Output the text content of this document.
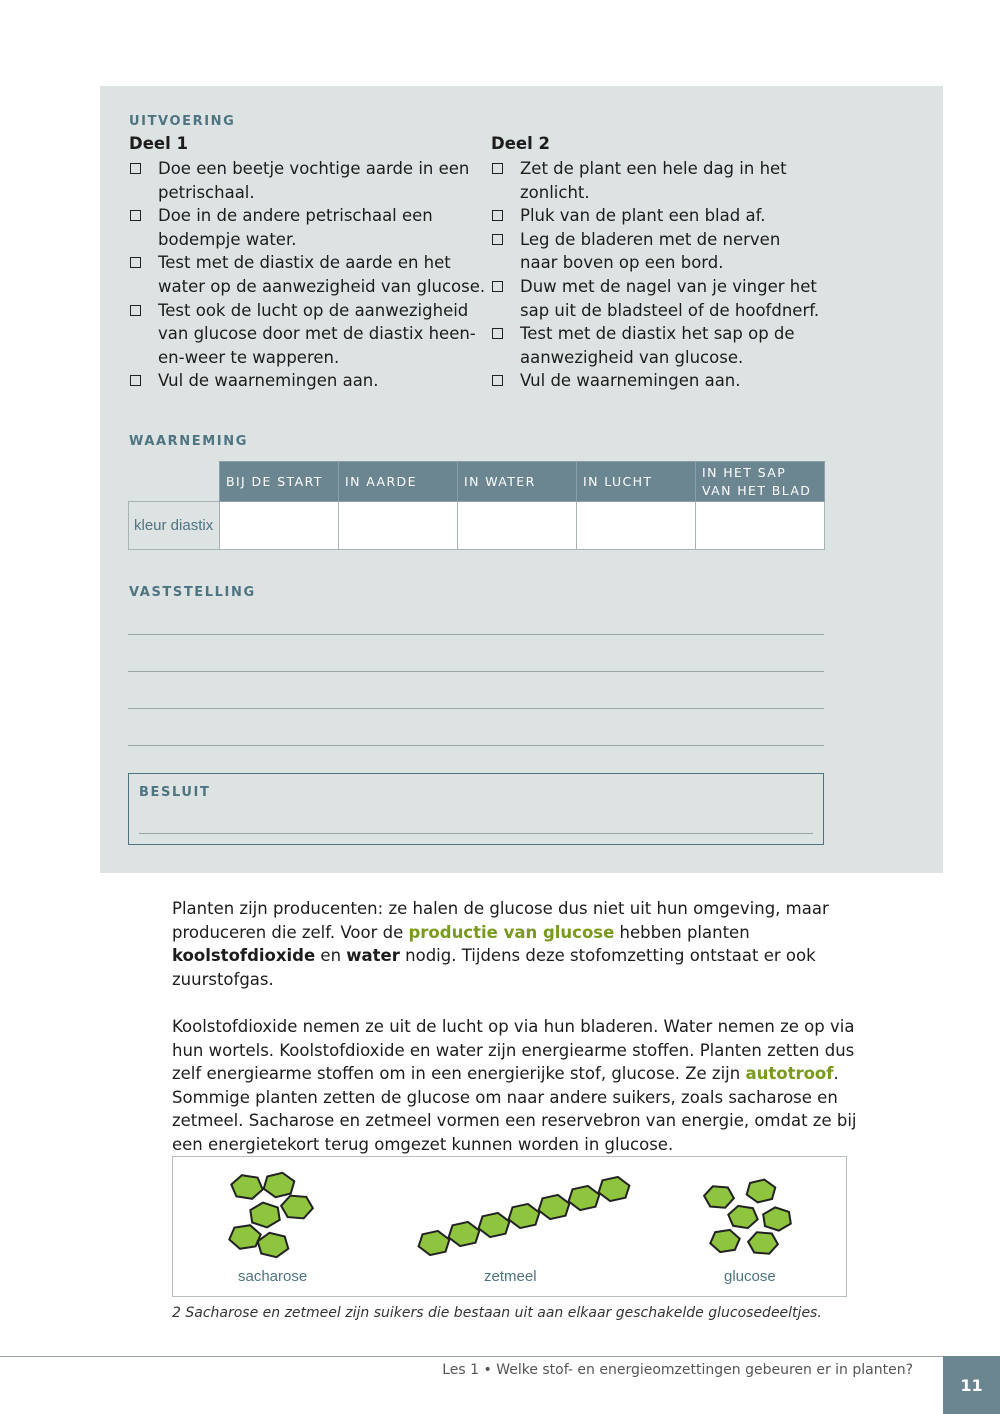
UITVOERING
Deel 1
Doe een beetje vochtige aarde in een petrischaal.
Doe in de andere petrischaal een bodempje water.
Test met de diastix de aarde en het water op de aanwezigheid van glucose.
Test ook de lucht op de aanwezigheid van glucose door met de diastix heen-en-weer te wapperen.
Vul de waarnemingen aan.
Deel 2
Zet de plant een hele dag in het zonlicht.
Pluk van de plant een blad af.
Leg de bladeren met de nerven naar boven op een bord.
Duw met de nagel van je vinger het sap uit de bladsteel of de hoofdnerf.
Test met de diastix het sap op de aanwezigheid van glucose.
Vul de waarnemingen aan.
WAARNEMING
	BIJ DE START	IN AARDE	IN WATER	IN LUCHT	IN HET SAP VAN HET BLAD
kleur diastix					
VASTSTELLING
BESLUIT

Planten zijn producenten: ze halen de glucose dus niet uit hun omgeving, maar produceren die zelf. Voor de productie van glucose hebben planten koolstofdioxide en water nodig. Tijdens deze stofomzetting ontstaat er ook zuurstofgas.

Koolstofdioxide nemen ze uit de lucht op via hun bladeren. Water nemen ze op via hun wortels. Koolstofdioxide en water zijn energiearme stoffen. Planten zetten dus zelf energiearme stoffen om in een energierijke stof, glucose. Ze zijn autotroof.
Sommige planten zetten de glucose om naar andere suikers, zoals sacharose en zetmeel. Sacharose en zetmeel vormen een reservebron van energie, omdat ze bij een energietekort terug omgezet kunnen worden in glucose.

sacharose	zetmeel	glucose
2 Sacharose en zetmeel zijn suikers die bestaan uit aan elkaar geschakelde glucosedeeltjes.
Les 1 • Welke stof- en energieomzettingen gebeuren er in planten?
11
